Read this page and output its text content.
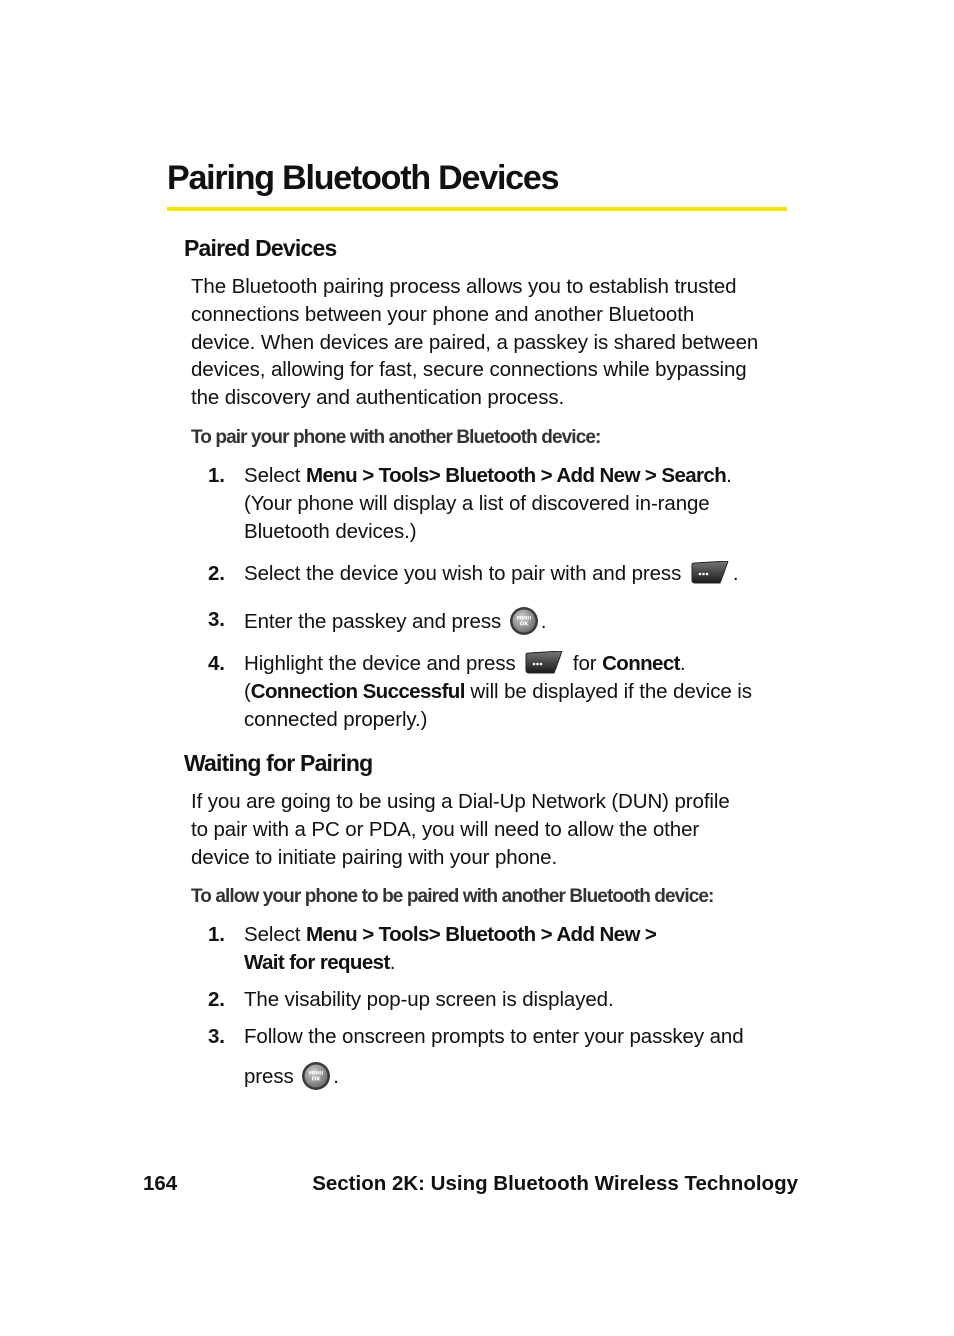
Pairing Bluetooth Devices
Paired Devices
The Bluetooth pairing process allows you to establish trusted
connections between your phone and another Bluetooth
device. When devices are paired, a passkey is shared between
devices, allowing for fast, secure connections while bypassing
the discovery and authentication process.
To pair your phone with another Bluetooth device:
1. Select Menu > Tools> Bluetooth > Add New > Search.
(Your phone will display a list of discovered in-range
Bluetooth devices.)
2. Select the device you wish to pair with and press	.
3. Enter the passkey and press	MENU
OK .
4. Highlight the device and press	for Connect.
(Connection Successful will be displayed if the device is
connected properly.)
Waiting for Pairing
If you are going to be using a Dial-Up Network (DUN) profile
to pair with a PC or PDA, you will need to allow the other
device to initiate pairing with your phone.
To allow your phone to be paired with another Bluetooth device:
1. Select Menu > Tools> Bluetooth > Add New >
Wait for request.
2. The visability pop-up screen is displayed.
3. Follow the onscreen prompts to enter your passkey and
press	MENU
OK .
164	Section 2K: Using Bluetooth Wireless Technology
